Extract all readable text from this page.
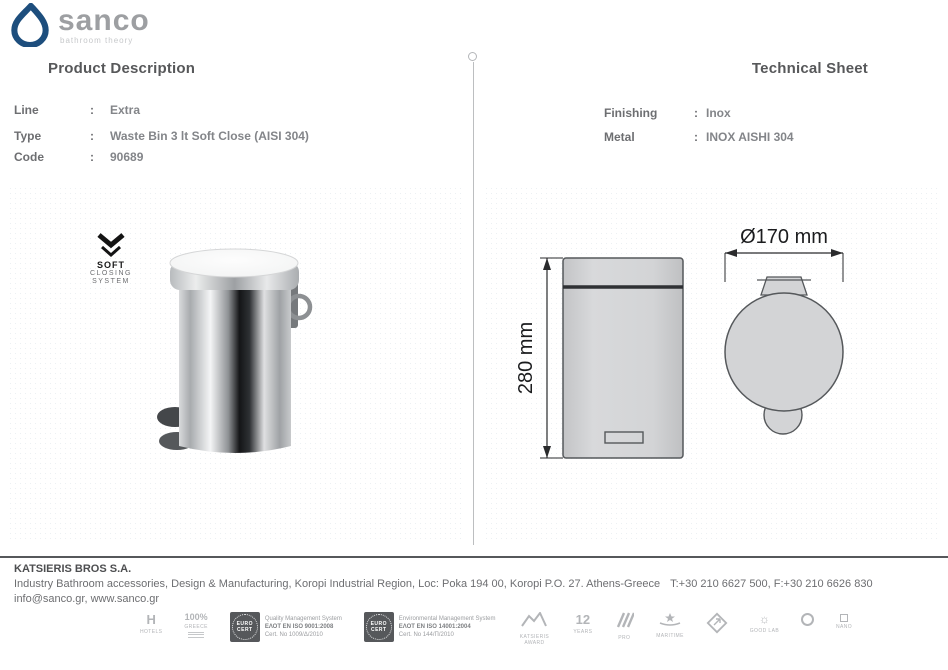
sanco
bathroom theory
Product Description	Technical Sheet
Line	:	Extra
Type	:	Waste Bin 3 lt Soft Close (AISI 304)
Code	:	90689
Finishing	: Inox
Metal	: INOX AISHI 304
SOFT
CLOSING
SYSTEM
280 mm
Ø170 mm
KATSIERIS BROS S.A.
Industry Bathroom accessories, Design & Manufacturing, Koropi Industrial Region, Loc: Poka 194 00, Koropi P.O. 27. Athens-Greece T:+30 210 6627 500, F:+30 210 6626 830
info@sanco.gr, www.sanco.gr
H
HOTELS
100%
GREECE	EURO
CERT
Quality Management System
ΕΛΟΤ EN ISO 9001:2008
Cert. No 1009/Δ/2010
EURO
CERT
Environmental Management System
ΕΛΟΤ EN ISO 14001:2004
Cert. No 144/Π/2010	KATSIERIS AWARD
12
YEARS
PRO	MARITIME
☼
GOOD LAB
NANO
